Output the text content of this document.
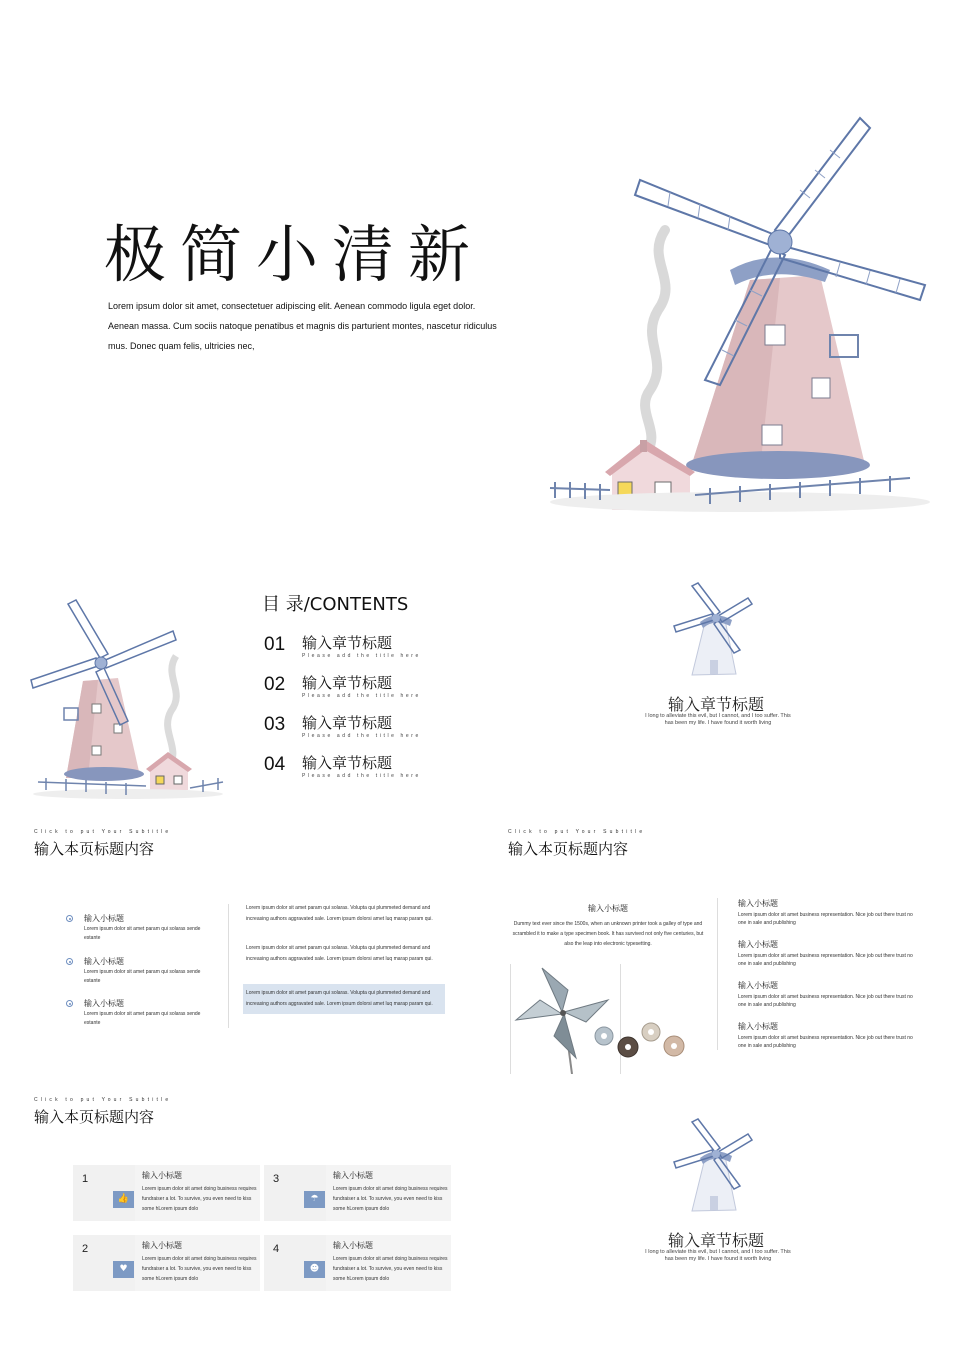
极简小清新
Lorem ipsum dolor sit amet, consectetuer adipiscing elit. Aenean commodo ligula eget dolor. Aenean massa. Cum sociis natoque penatibus et magnis dis parturient montes, nascetur ridiculus mus. Donec quam felis, ultricies nec,
目 录/CONTENTS
01 输入章节标题
Please add the title here
02 输入章节标题
Please add the title here
03 输入章节标题
Please add the title here
04 输入章节标题
Please add the title here
输入章节标题
I long to alleviate this evil, but I cannot, and I too suffer. This has been my life. I have found it worth living
Click to put Your Subtitle
输入本页标题内容
输入小标题
Lorem ipsum dolor sit amet param qui solaras sende estante
输入小标题
Lorem ipsum dolor sit amet param qui solaras sende estante
输入小标题
Lorem ipsum dolor sit amet param qui solaras sende estante
Lorem ipsum dolor sit amet param qui solaras. Volupta qui plummeted demand and increasing authors aggravated sale. Lorem ipsum dolorsi amet luq marap param qui.
Lorem ipsum dolor sit amet param qui solaras. Volupta qui plummeted demand and increasing authors aggravated sale. Lorem ipsum dolorsi amet luq marap param qui.
Lorem ipsum dolor sit amet param qui solaras. Volupta qui plummeted demand and increasing authors aggravated sale. Lorem ipsum dolorsi amet luq marap param qui.
Click to put Your Subtitle
输入本页标题内容
输入小标题
Dummy text ever since the 1500s, when an unknown printer took a galley of type and scrambled it to make a type specimen book. It has survived not only five centuries, but also the leap into electronic typesetting.
输入小标题
Lorem ipsum dolor sit amet business representation. Nice job out there trust no one in sale and publishing
输入小标题
Lorem ipsum dolor sit amet business representation. Nice job out there trust no one in sale and publishing
输入小标题
Lorem ipsum dolor sit amet business representation. Nice job out there trust no one in sale and publishing
输入小标题
Lorem ipsum dolor sit amet business representation. Nice job out there trust no one in sale and publishing
Click to put Your Subtitle
输入本页标题内容
1
👍
输入小标题
Lorem ipsum dolor sit amet doing business requires fundraiser a lot. To survive, you even need to kiss some hLorem ipsum dolo
2
♥
输入小标题
Lorem ipsum dolor sit amet doing business requires fundraiser a lot. To survive, you even need to kiss some hLorem ipsum dolo
3
☂
输入小标题
Lorem ipsum dolor sit amet doing business requires fundraiser a lot. To survive, you even need to kiss some hLorem ipsum dolo
4
☻
输入小标题
Lorem ipsum dolor sit amet doing business requires fundraiser a lot. To survive, you even need to kiss some hLorem ipsum dolo
输入章节标题
I long to alleviate this evil, but I cannot, and I too suffer. This has been my life. I have found it worth living
